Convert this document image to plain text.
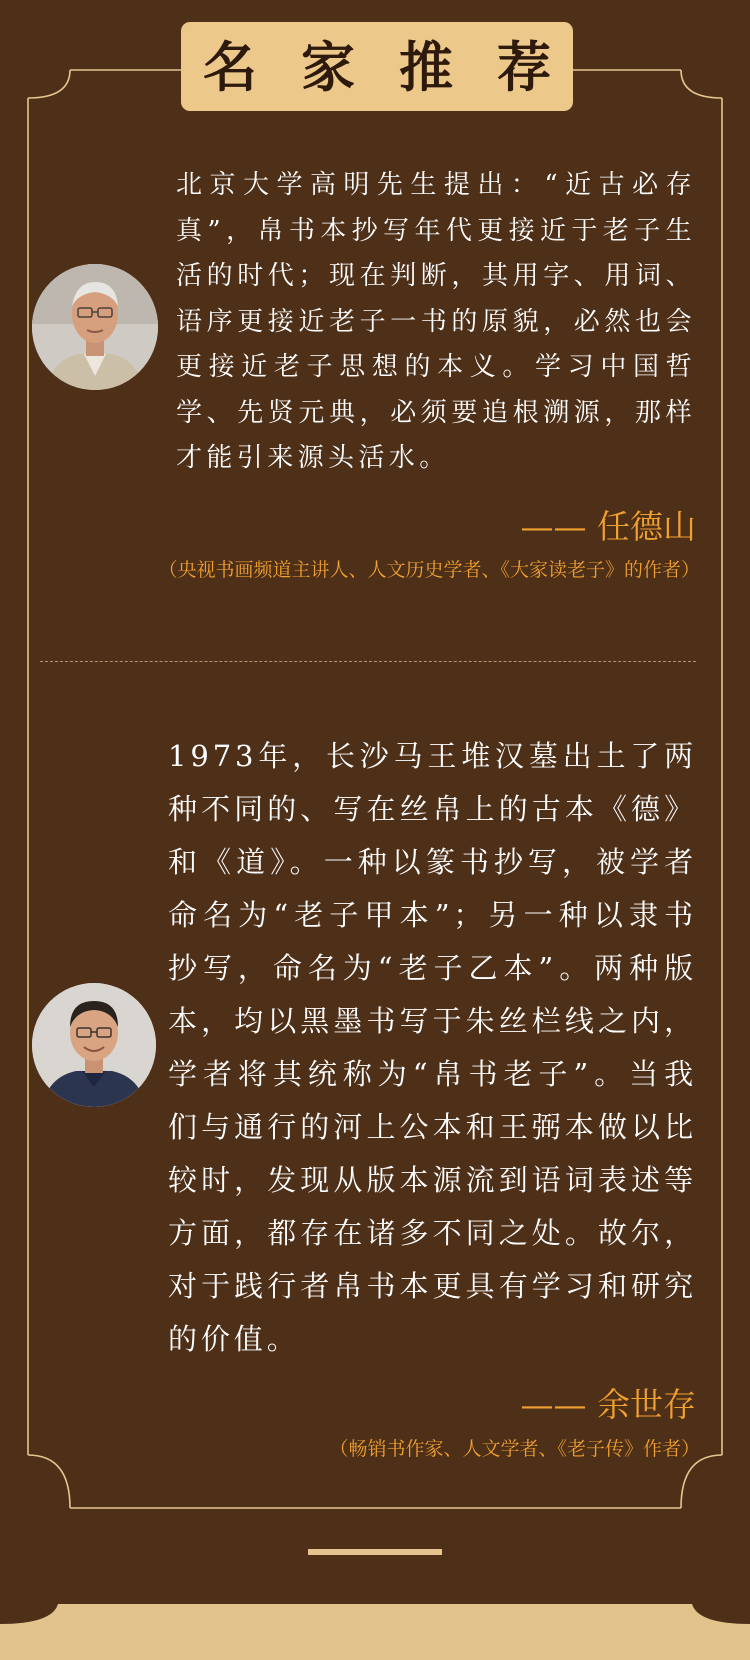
名 家 推 荐

北京大学高明先生提出：“近古必存真”，帛书本抄写年代更接近于老子生活的时代；现在判断，其用字、用词、语序更接近老子一书的原貌，必然也会更接近老子思想的本义。学习中国哲学、先贤元典，必须要追根溯源，那样才能引来源头活水。

—— 任德山
（央视书画频道主讲人、人文历史学者、《大家读老子》的作者）

1973年，长沙马王堆汉墓出土了两种不同的、写在丝帛上的古本《德》和《道》。一种以篆书抄写，被学者命名为“老子甲本”；另一种以隶书抄写，命名为“老子乙本”。两种版本，均以黑墨书写于朱丝栏线之内，学者将其统称为“帛书老子”。当我们与通行的河上公本和王弼本做以比较时，发现从版本源流到语词表述等方面，都存在诸多不同之处。故尔，对于践行者帛书本更具有学习和研究的价值。

—— 余世存
（畅销书作家、人文学者、《老子传》作者）
